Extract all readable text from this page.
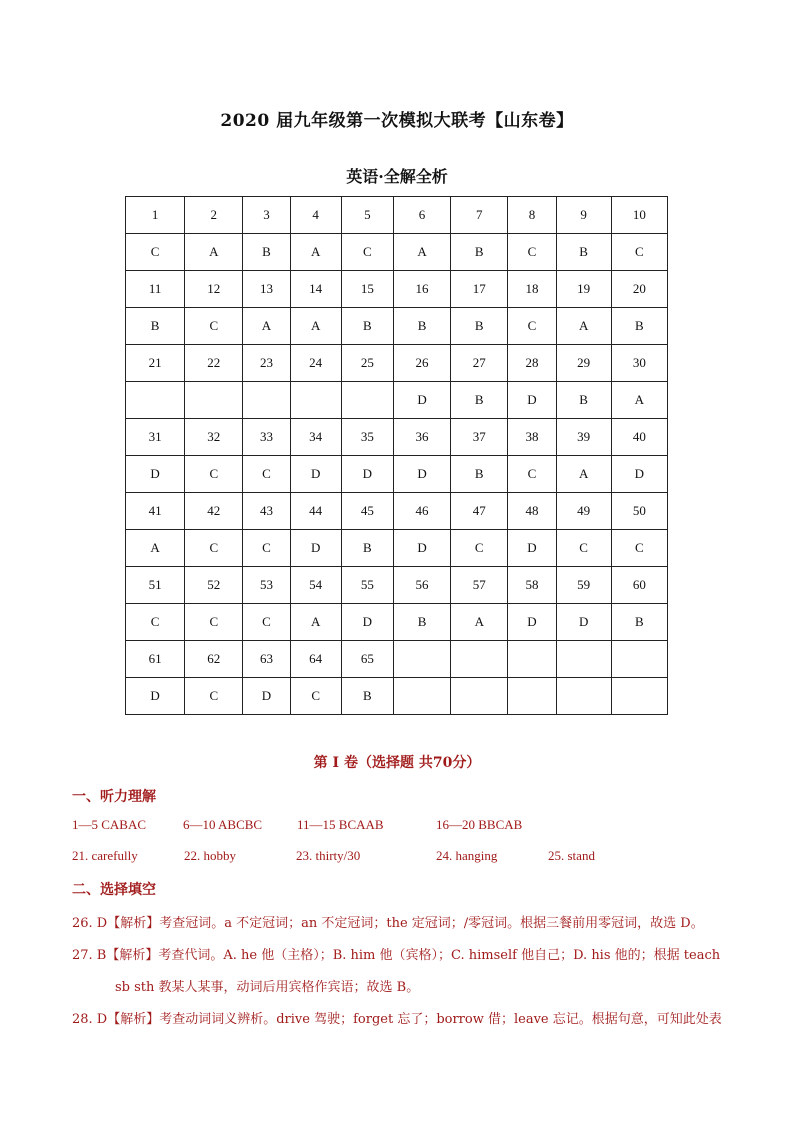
2020 届九年级第一次模拟大联考【山东卷】
英语·全解全析
1	2	3	4	5	6	7	8	9	10
C	A	B	A	C	A	B	C	B	C
11	12	13	14	15	16	17	18	19	20
B	C	A	A	B	B	B	C	A	B
21	22	23	24	25	26	27	28	29	30
					D	B	D	B	A
31	32	33	34	35	36	37	38	39	40
D	C	C	D	D	D	B	C	A	D
41	42	43	44	45	46	47	48	49	50
A	C	C	D	B	D	C	D	C	C
51	52	53	54	55	56	57	58	59	60
C	C	C	A	D	B	A	D	D	B
61	62	63	64	65					
D	C	D	C	B					
第 I 卷（选择题 共70分）
一、听力理解
1—5 CABAC	6—10 ABCBC	11—15 BCAAB	16—20 BBCAB
21. carefully	22. hobby	23. thirty/30	24. hanging	25. stand
二、选择填空
26. D【解析】考查冠词。a 不定冠词；an 不定冠词；the 定冠词；/零冠词。根据三餐前用零冠词，故选 D。
27. B【解析】考查代词。A. he 他（主格）；B. him 他（宾格）；C. himself 他自己；D. his 他的；根据 teach
sb sth 教某人某事，动词后用宾格作宾语；故选 B。
28. D【解析】考查动词词义辨析。drive 驾驶；forget 忘了；borrow 借；leave 忘记。根据句意，可知此处表
